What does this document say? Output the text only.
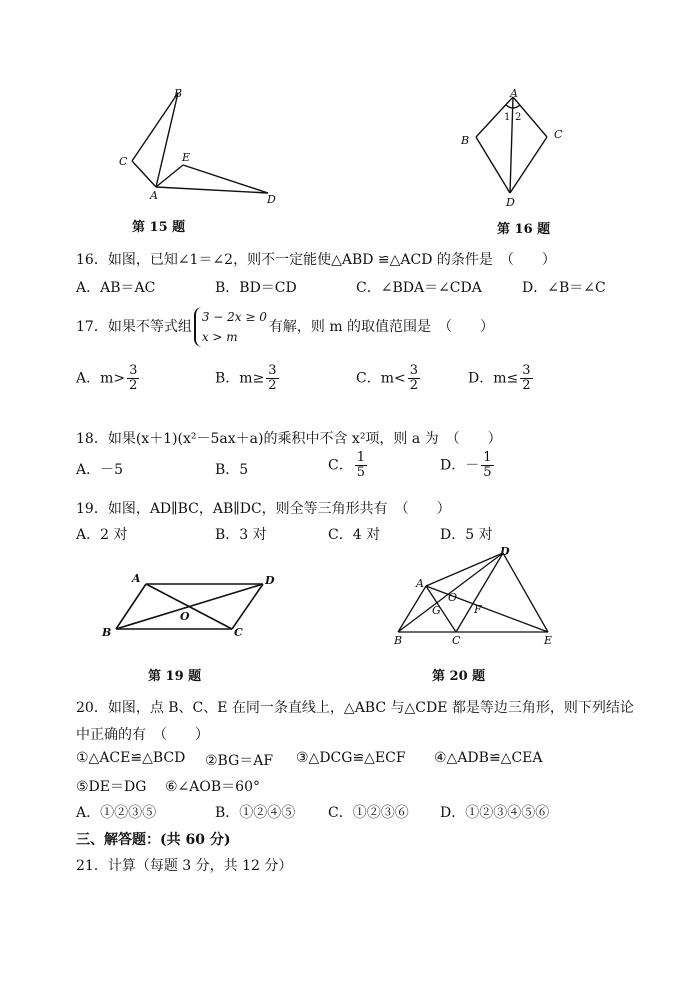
B
C	E
A	D
第 15 题
A
1 2
B	C
D
第 16 题
16．如图，已知∠1＝∠2，则不一定能使△ABD ≌△ACD 的条件是　（　　）
A．AB＝AC	B．BD＝CD	C．∠BDA＝∠CDA	D．∠B＝∠C
17．如果不等式组
3 − 2x ≥ 0
x > m
有解，则 m 的取值范围是　（　　）
A．$m> \frac{3}{2}$	B．$m\ge \frac{3}{2}$	C．$m< \frac{3}{2}$	D．$m\le \frac{3}{2}$
18．如果(x＋1)(x²－5ax＋a)的乘积中不含 x²项，则 a 为　（　　）
A．－5	B．5	C． $\frac{1}{5}$	D．－ $\frac{1}{5}$
19．如图，AD∥BC，AB∥DC，则全等三角形共有　（　　）
A．2 对	B．3 对	C．4 对	D．5 对
A	D
O
B	C
第 19 题
D
A
O
G	F
B	C	E
第 20 题
20．如图，点 B、C、E 在同一条直线上，△ABC 与△CDE 都是等边三角形，则下列结论
中正确的有　（　　）
①△ACE≌△BCD ②BG＝AF ③△DCG≌△ECF ④△ADB≌△CEA
⑤DE＝DG ⑥∠AOB＝60°
A．①②③⑤	B．①②④⑤ C．①②③⑥ D．①②③④⑤⑥
三、解答题：(共 60 分)
21．计算（每题 3 分，共 12 分）
